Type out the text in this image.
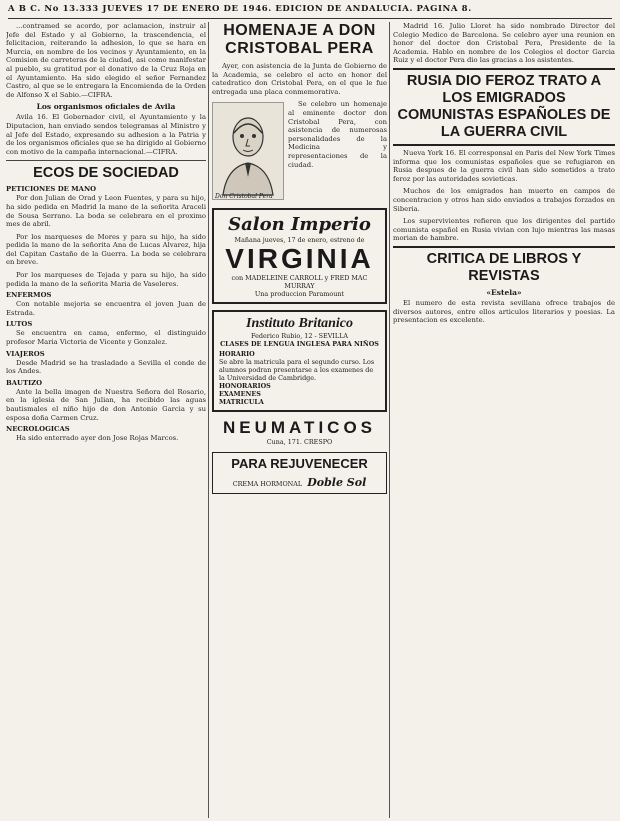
A B C. No 13.333 JUEVES 17 DE ENERO DE 1946. EDICION DE ANDALUCIA. PAGINA 8.

...contramed se acordo, por aclamacion, instruir al Jefe del Estado y al Gobierno, la trascendencia, el felicitacion, reiterando la adhesion, lo que se hara en Murcia, en nombre de los vecinos y Ayuntamiento, en la Comision de carreteras de la ciudad, asi como manifestar al pueblo, su gratitud por el donativo de la Cruz Roja en el Ayuntamiento. Ha sido elegido el señor Fernandez Castro, al que se le entregara la Encomienda de la Orden de Alfonso X el Sabio.—CIFRA.

Los organismos oficiales de Avila

Avila 16. El Gobernador civil, el Ayuntamiento y la Diputacion, han enviado sendos telegramas al Ministro y al Jefe del Estado, expresando su adhesion a la Patria y de los organismos oficiales que se ha dirigido al Gobierno con motivo de la campaña internacional.—CIFRA.

ECOS DE SOCIEDAD

PETICIONES DE MANO

Por don Julian de Orad y Leon Fuentes, y para su hijo, ha sido pedida en Madrid la mano de la señorita Araceli de Sousa Serrano. La boda se celebrara en el proximo mes de abril.

Por los marqueses de Mores y para su hijo, ha sido pedida la mano de la señorita Ana de Lucas Alvarez, hija del Capitan Castaño de la Guerra. La boda se celebrara en breve.

Por los marqueses de Tejada y para su hijo, ha sido pedida la mano de la señorita Maria de Vaseleres.

ENFERMOS

Con notable mejoria se encuentra el joven Juan de Estrada.

LUTOS

Se encuentra en cama, enfermo, el distinguido profesor Maria Victoria de Vicente y Gonzalez.

VIAJEROS

Desde Madrid se ha trasladado a Sevilla el conde de los Andes.

BAUTIZO

Ante la bella imagen de Nuestra Señora del Rosario, en la iglesia de San Julian, ha recibido las aguas bautismales el niño hijo de don Antonio Garcia y su esposa doña Carmen Cruz.

NECROLOGICAS

Ha sido enterrado ayer don Jose Rojas Marcos.

HOMENAJE A DON CRISTOBAL PERA

Ayer, con asistencia de la Junta de Gobierno de la Academia, se celebro el acto en honor del catedratico don Cristobal Pera, en el que le fue entregada una placa conmemorativa.

Don Cristobal Pera

Se celebro un homenaje al eminente doctor don Cristobal Pera, con asistencia de numerosas personalidades de la Medicina y representaciones de la ciudad.

Salon Imperio
Mañana jueves, 17 de enero, estreno de
VIRGINIA
con MADELEINE CARROLL y FRED MAC MURRAY
Una produccion Paramount
Instituto Britanico
Federico Rubio, 12 - SEVILLA
CLASES DE LENGUA INGLESA PARA NIÑOS
HORARIO
Se abre la matricula para el segundo curso. Los alumnos podran presentarse a los examenes de la Universidad de Cambridge.
HONORARIOS
EXAMENES
MATRICULA
NEUMATICOS
Cuna, 171. CRESPO
PARA REJUVENECER
CREMA HORMONAL Doble Sol

Madrid 16. Julio Lloret ha sido nombrado Director del Colegio Medico de Barcelona. Se celebro ayer una reunion en honor del doctor don Cristobal Pera, Presidente de la Academia. Hablo en nombre de los Colegios el doctor Garcia Ruiz y el doctor Pera dio las gracias a los asistentes.

RUSIA DIO FEROZ TRATO A LOS EMIGRADOS COMUNISTAS ESPAÑOLES DE LA GUERRA CIVIL

Nueva York 16. El corresponsal en Paris del New York Times informa que los comunistas españoles que se refugiaron en Rusia despues de la guerra civil han sido sometidos a trato feroz por las autoridades sovieticas.

Muchos de los emigrados han muerto en campos de concentracion y otros han sido enviados a trabajos forzados en Siberia.

Los supervivientes refieren que los dirigentes del partido comunista español en Rusia vivian con lujo mientras las masas morian de hambre.

CRITICA DE LIBROS Y REVISTAS

«Estela»

El numero de esta revista sevillana ofrece trabajos de diversos autores, entre ellos articulos literarios y poesias. La presentacion es excelente.
